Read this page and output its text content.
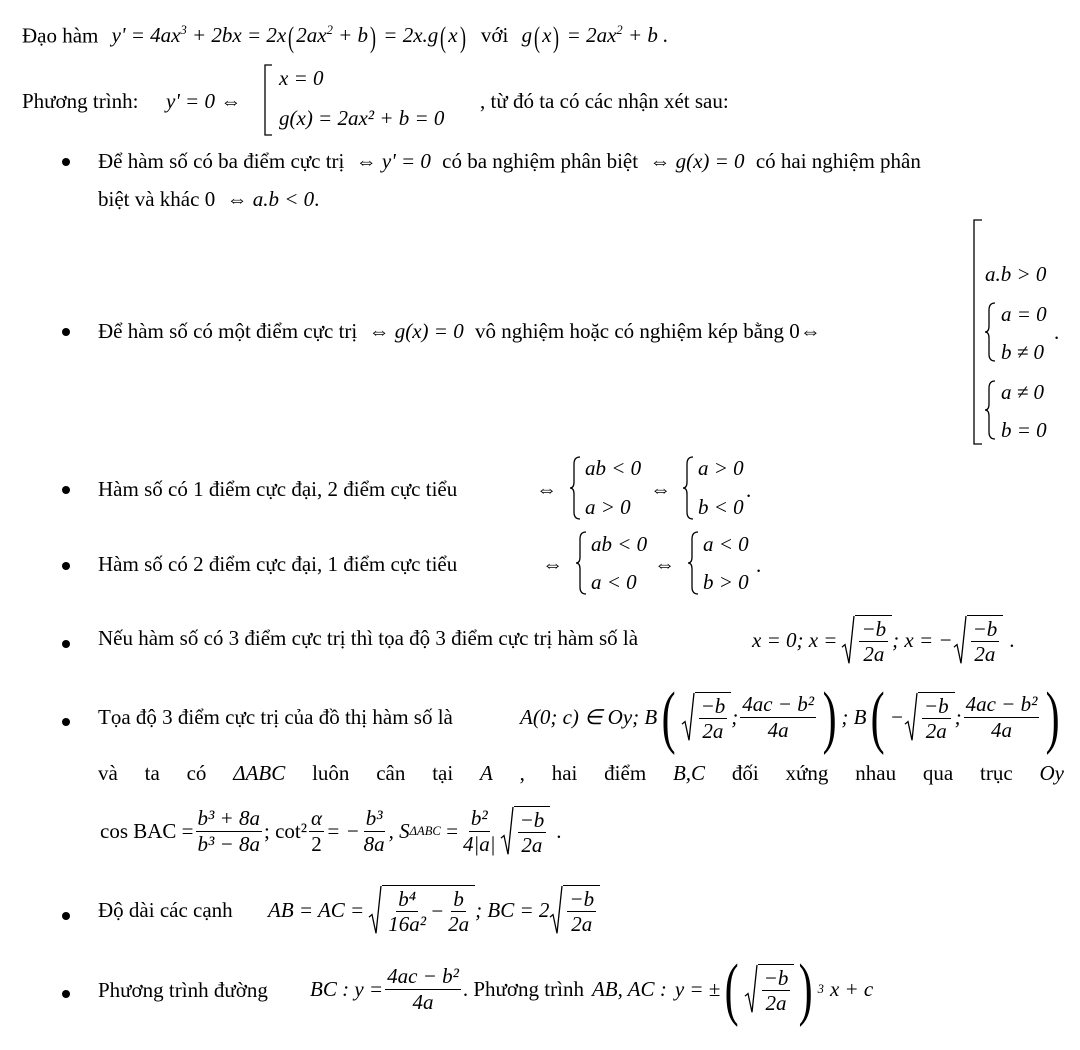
Đạo hàm $y' = 4ax^3 + 2bx = 2x(2ax^2 + b) = 2x.g(x)$ với $g(x) = 2ax^2 + b$ .
Phương trình: y' = 0 ⇔
x = 0
g(x) = 2ax² + b = 0
, từ đó ta có các nhận xét sau:
Để hàm số có ba điểm cực trị ⇔ y' = 0 có ba nghiệm phân biệt ⇔ g(x) = 0 có hai nghiệm phân
biệt và khác 0 ⇔ a.b < 0.
Để hàm số có một điểm cực trị ⇔ g(x) = 0 vô nghiệm hoặc có nghiệm kép bằng 0⇔
a.b > 0
a = 0
b ≠ 0
.
a ≠ 0
b = 0
Hàm số có 1 điểm cực đại, 2 điểm cực tiểu	⇔
ab < 0
a > 0
⇔
a > 0
b < 0
.
Hàm số có 2 điểm cực đại, 1 điểm cực tiểu	⇔
ab < 0
a < 0
⇔
a < 0
b > 0
.
Nếu hàm số có 3 điểm cực trị thì tọa độ 3 điểm cực trị hàm số là	x = 0; $x = \frac{-b}{2a}$ ; x = − $\frac{-b}{2a}$ .
Tọa độ 3 điểm cực trị của đồ thị hàm số là	A(0; c) ∈ Oy ; B ( $\frac{-b}{2a}$ ; $\frac{\text{4ac − b²}}{4a}$ ) ; B ( − $\frac{-b}{2a}$ ; $\frac{\text{4ac − b²}}{4a}$ )
và ta có ΔABC luôn cân tại A , hai điểm B,C đối xứng nhau qua trục Oy
cos BAC = $\frac{\text{b³ + 8a}}{\text{b³ − 8a}}$ ; $\cot^2 \frac{\alpha}{2}$ = − $\frac{\text{b³}}{8a}$ , S $\Delta ABC = \frac{\text{b²}}{4|a|} \frac{-b}{2a}$ .
Độ dài các cạnh AB = AC = $\frac{\text{b⁴}}{\text{16a²}} - \frac{b}{2a}$ ; BC = $2 \frac{-b}{2a}$
Phương trình đường BC : $y = \frac{\text{4ac − b²}}{4a}$ . Phương trình AB, AC : y = ± ( $\frac{-b}{2a}$ ) 3 x + c
